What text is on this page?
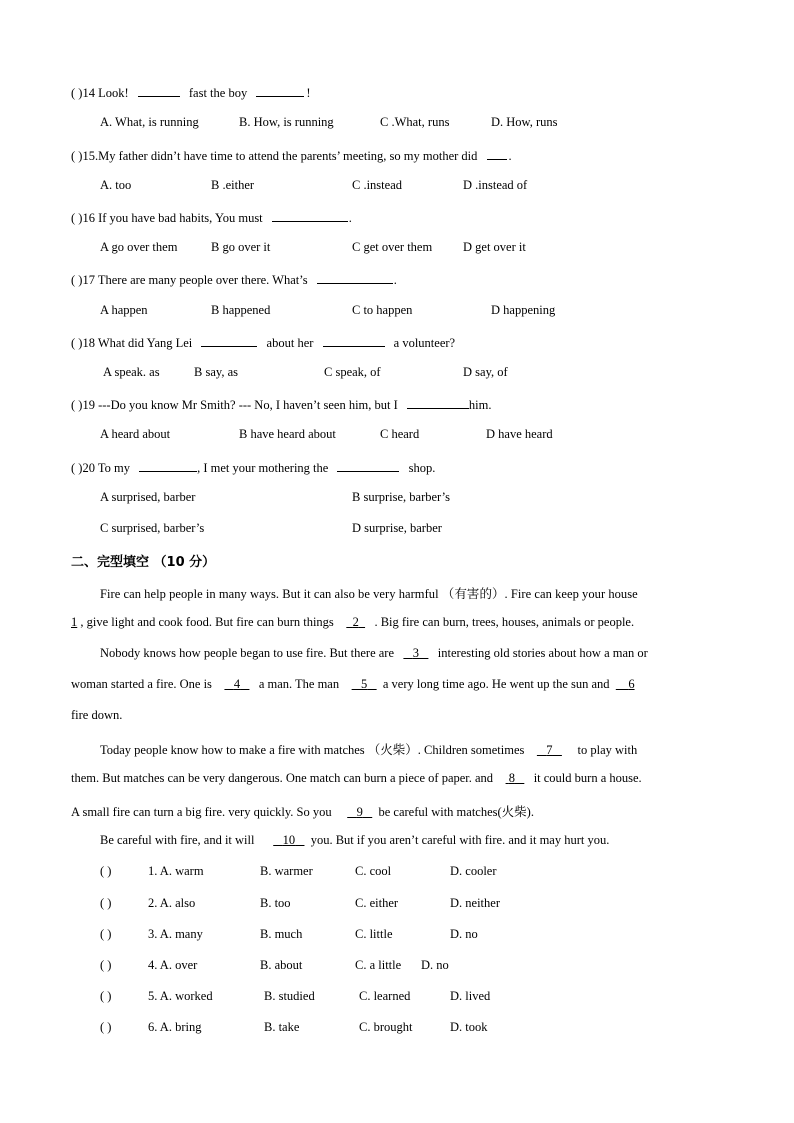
( )14 Look!	fast the boy	!
A. What, is running	B. How, is running	C .What, runs	D. How, runs
( )15.My father didn’t have time to attend the parents’ meeting, so my mother did .
A. too	B .either	C .instead	D .instead of
( )16 If you have bad habits, You must	.
A go over them	B go over it	C get over them D get over it
( )17 There are many people over there. What’s	.
A happen	B happened	C to happen	D happening
( )18 What did Yang Lei	about her	a volunteer?
A speak. as	B say, as	C speak, of	D say, of
( )19 ---Do you know Mr Smith? --- No, I haven’t seen him, but I	him.
A heard about	B have heard about	C heard	D have heard
( )20 To my	, I met your mothering the	shop.
A surprised, barber	B surprise, barber’s
C surprised, barber’s	D surprise, barber
二、完型填空 （10 分）
Fire can help people in many ways. But it can also be very harmful （有害的）. Fire can keep your house
1 , give light and cook food. But fire can burn things 2 . Big fire can burn, trees, houses, animals or people.
Nobody knows how people began to use fire. But there are 3 interesting old stories about how a man or
woman started a fire. One is 4 a man. The man 5 a very long time ago. He went up the sun and 6
fire down.
Today people know how to make a fire with matches （火柴）. Children sometimes 7 to play with
them. But matches can be very dangerous. One match can burn a piece of paper. and 8 it could burn a house.
A small fire can turn a big fire. very quickly. So you 9 be careful with matches(火柴).
Be careful with fire, and it will 10 you. But if you aren’t careful with fire. and it may hurt you.
( )	1. A. warm	B. warmer	C. cool	D. cooler
( )	2. A. also	B. too	C. either	D. neither
( )	3. A. many	B. much	C. little	D. no
( )	4. A. over	B. about	C. a little D. no
( )	5. A. worked	B. studied	C. learned	D. lived
( )	6. A. bring	B. take	C. brought	D. took
